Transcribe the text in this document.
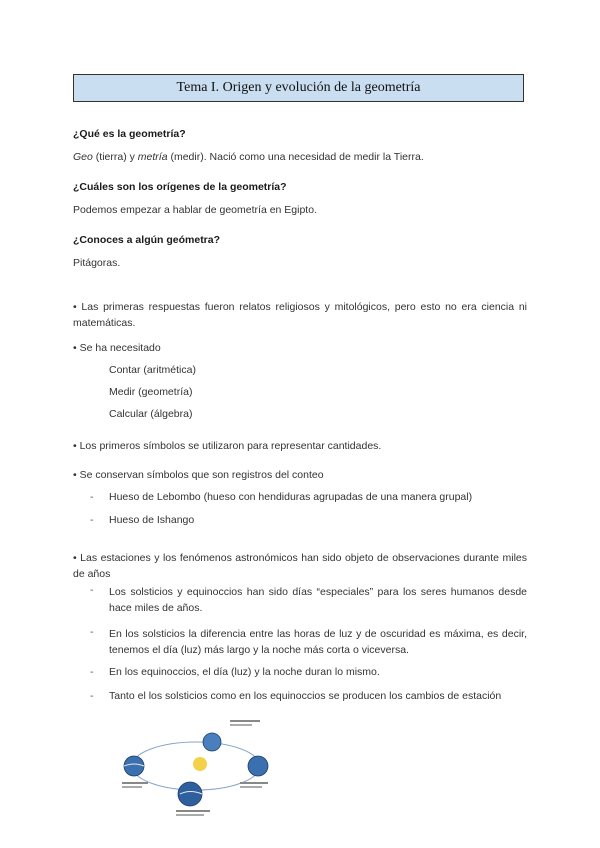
Tema I. Origen y evolución de la geometría
¿Qué es la geometría?
Geo (tierra) y metría (medir). Nació como una necesidad de medir la Tierra.
¿Cuáles son los orígenes de la geometría?
Podemos empezar a hablar de geometría en Egipto.
¿Conoces a algún geómetra?
Pitágoras.
• Las primeras respuestas fueron relatos religiosos y mitológicos, pero esto no era ciencia ni matemáticas.
• Se ha necesitado
Contar (aritmética)
Medir (geometría)
Calcular (álgebra)
• Los primeros símbolos se utilizaron para representar cantidades.
• Se conservan símbolos que son registros del conteo
- Hueso de Lebombo (hueso con hendiduras agrupadas de una manera grupal)
- Hueso de Ishango
• Las estaciones y los fenómenos astronómicos han sido objeto de observaciones durante miles de años
- Los solsticios y equinoccios han sido días “especiales” para los seres humanos desde hace miles de años.
- En los solsticios la diferencia entre las horas de luz y de oscuridad es máxima, es decir, tenemos el día (luz) más largo y la noche más corta o viceversa.
- En los equinoccios, el día (luz) y la noche duran lo mismo.
- Tanto el los solsticios como en los equinoccios se producen los cambios de estación
